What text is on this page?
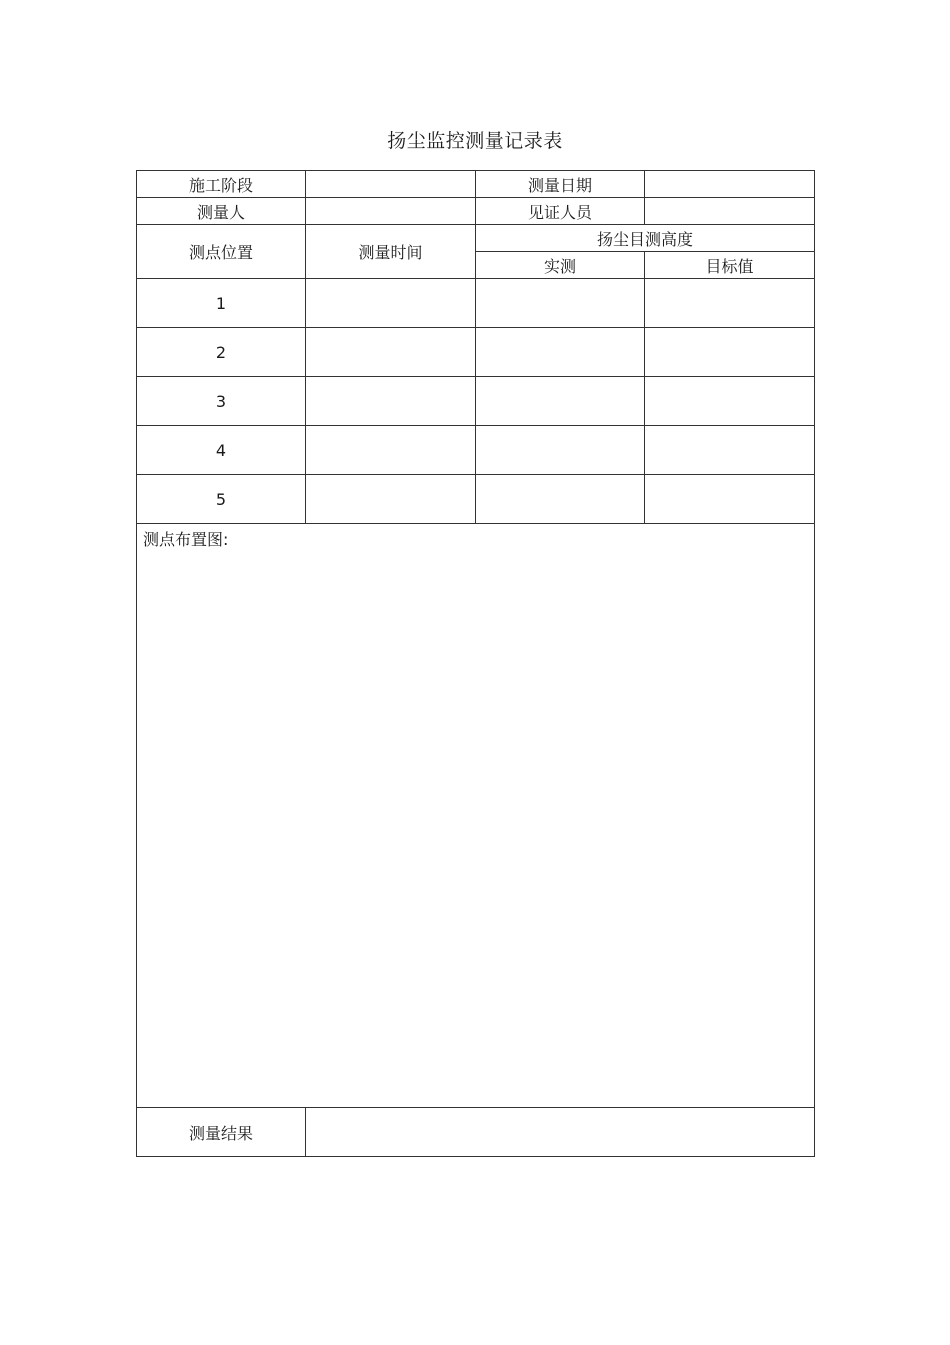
扬尘监控测量记录表
施工阶段		测量日期	
测量人		见证人员	
测点位置	测量时间	扬尘目测高度	
		实测	目标值
1			
2			
3			
4			
5			
测点布置图:			
测量结果			
